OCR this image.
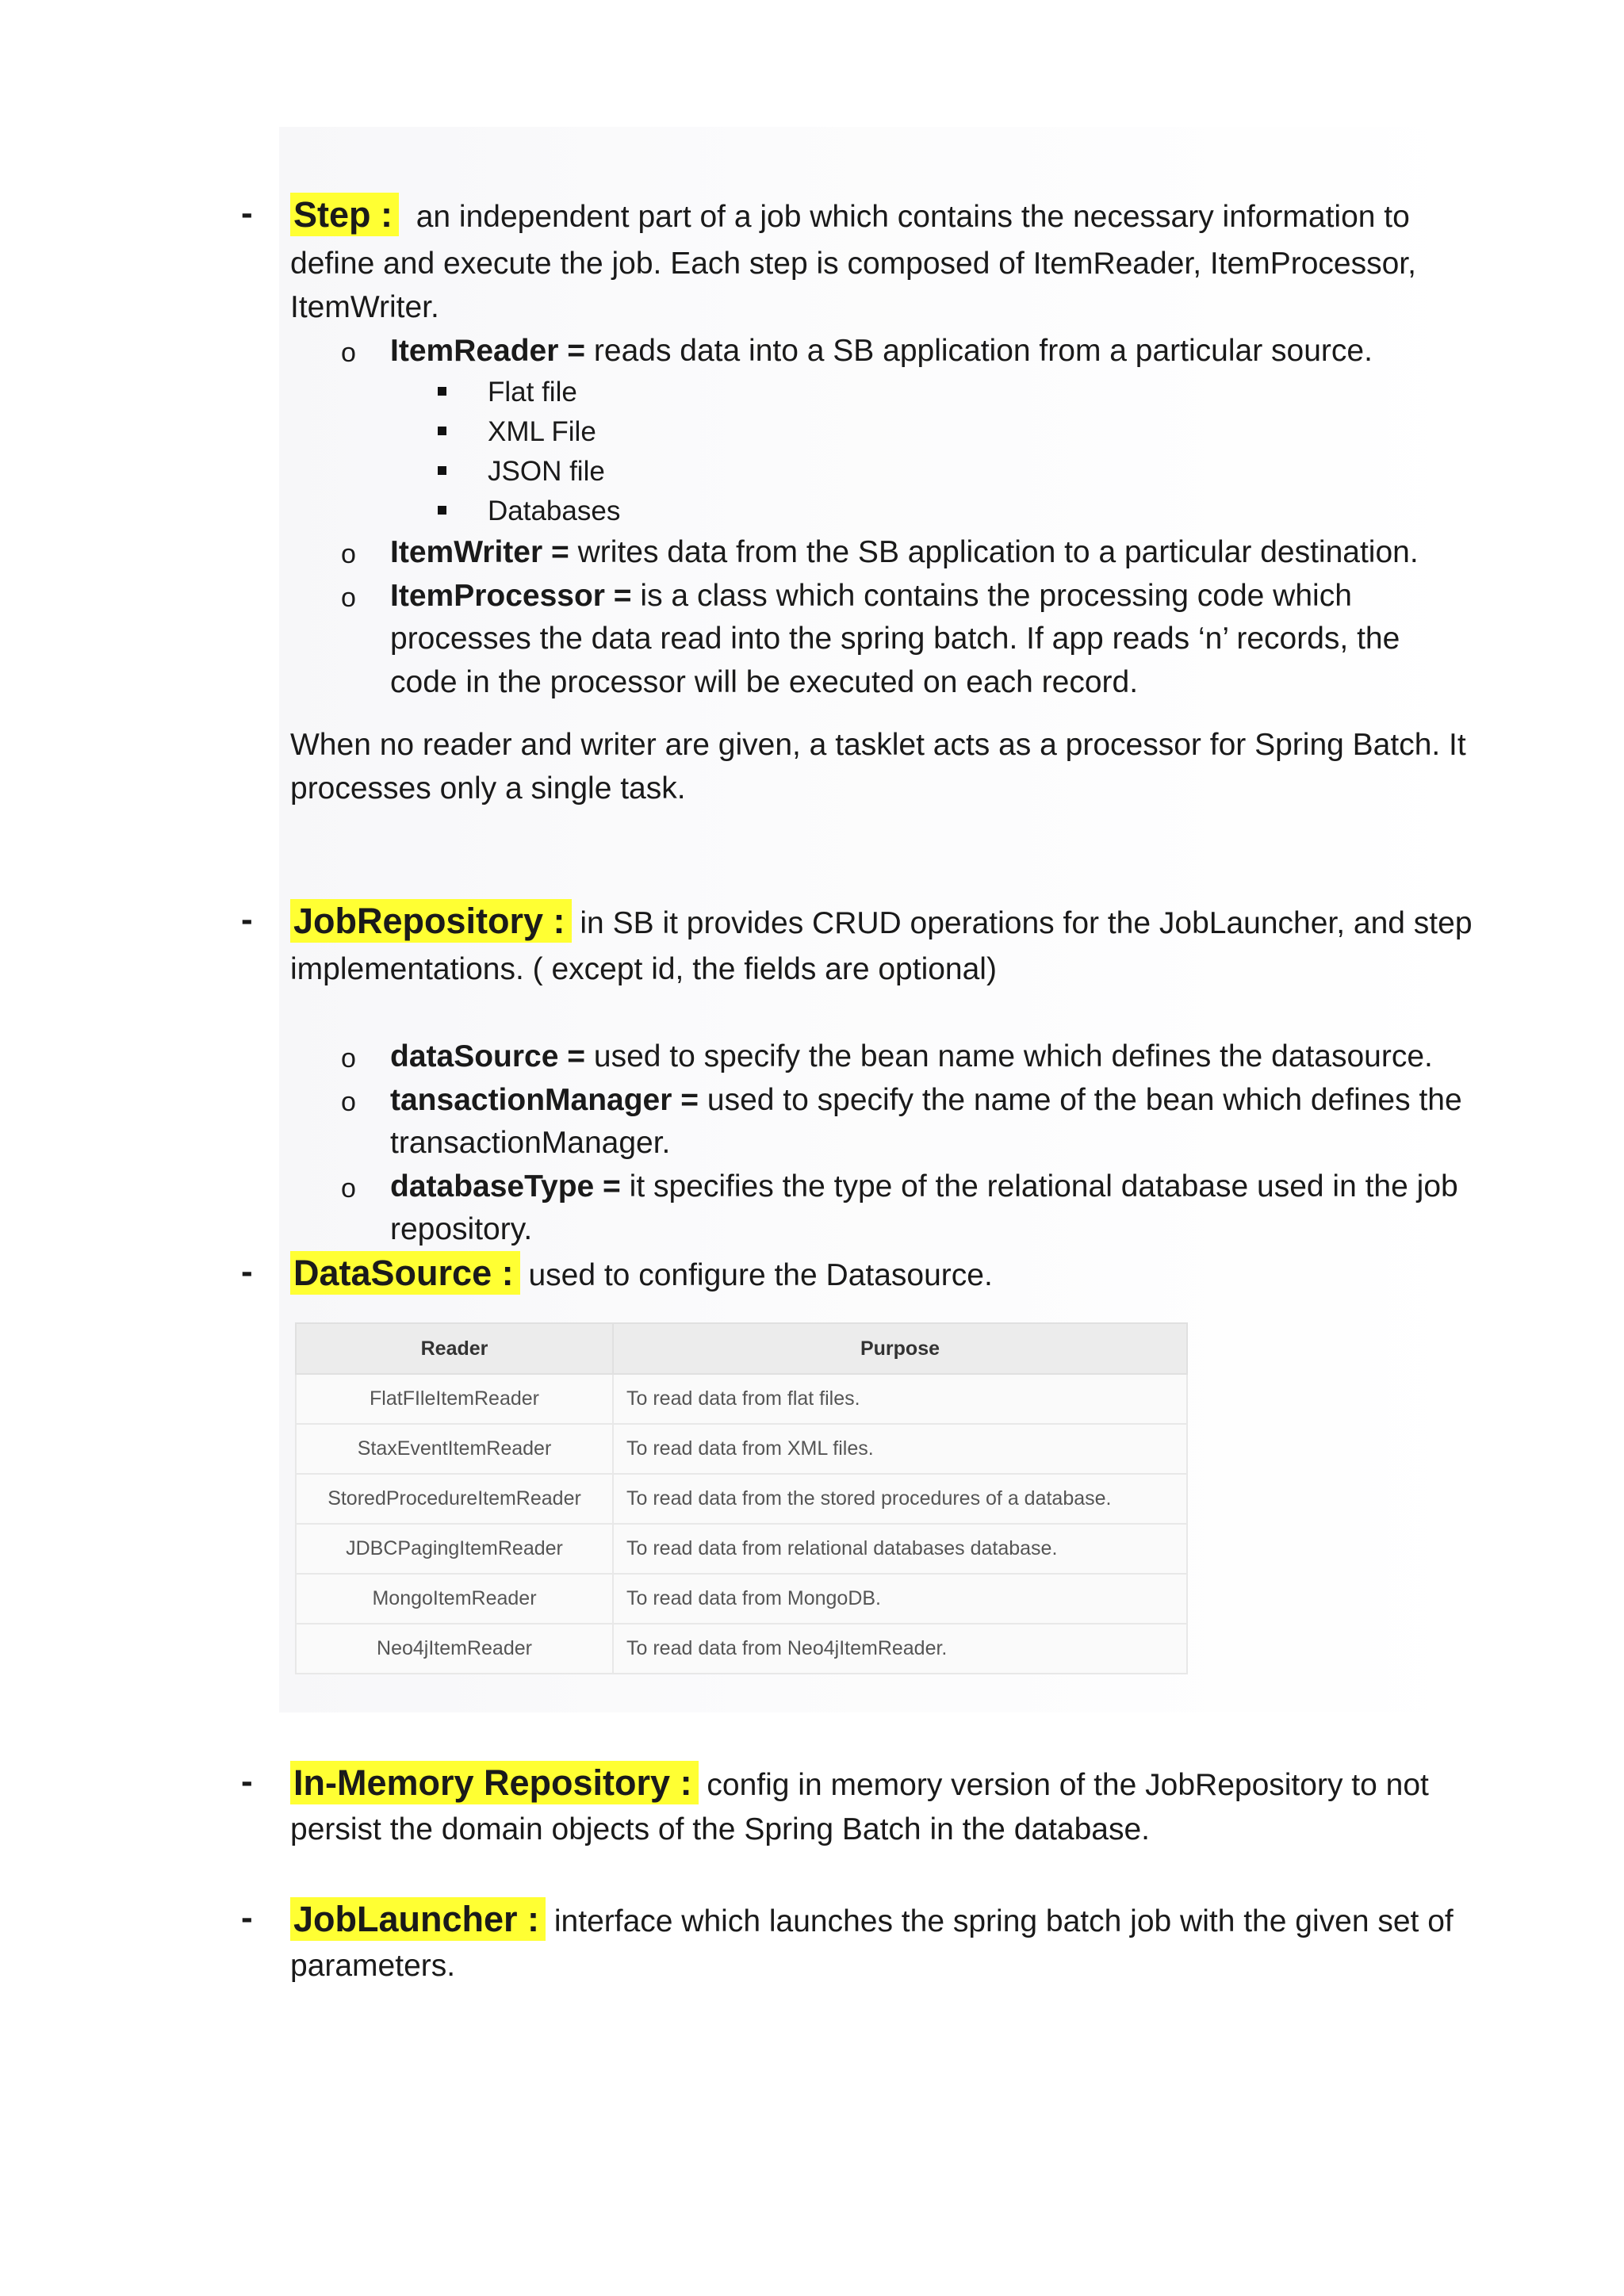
- Step : an independent part of a job which contains the necessary information to
define and execute the job. Each step is composed of ItemReader, ItemProcessor,
ItemWriter.
o ItemReader = reads data into a SB application from a particular source.
Flat file
XML File
JSON file
Databases
o ItemWriter = writes data from the SB application to a particular destination.
o ItemProcessor = is a class which contains the processing code which
processes the data read into the spring batch. If app reads ‘n’ records, the
code in the processor will be executed on each record.
When no reader and writer are given, a tasklet acts as a processor for Spring Batch. It
processes only a single task.
- JobRepository : in SB it provides CRUD operations for the JobLauncher, and step
implementations. ( except id, the fields are optional)
o dataSource = used to specify the bean name which defines the datasource.
o tansactionManager = used to specify the name of the bean which defines the
transactionManager.
o databaseType = it specifies the type of the relational database used in the job
repository.
- DataSource : used to configure the Datasource.
Reader	Purpose
FlatFIleItemReader	To read data from flat files.
StaxEventItemReader	To read data from XML files.
StoredProcedureItemReader	To read data from the stored procedures of a database.
JDBCPagingItemReader	To read data from relational databases database.
MongoItemReader	To read data from MongoDB.
Neo4jItemReader	To read data from Neo4jItemReader.
- In-Memory Repository : config in memory version of the JobRepository to not
persist the domain objects of the Spring Batch in the database.
- JobLauncher : interface which launches the spring batch job with the given set of
parameters.
